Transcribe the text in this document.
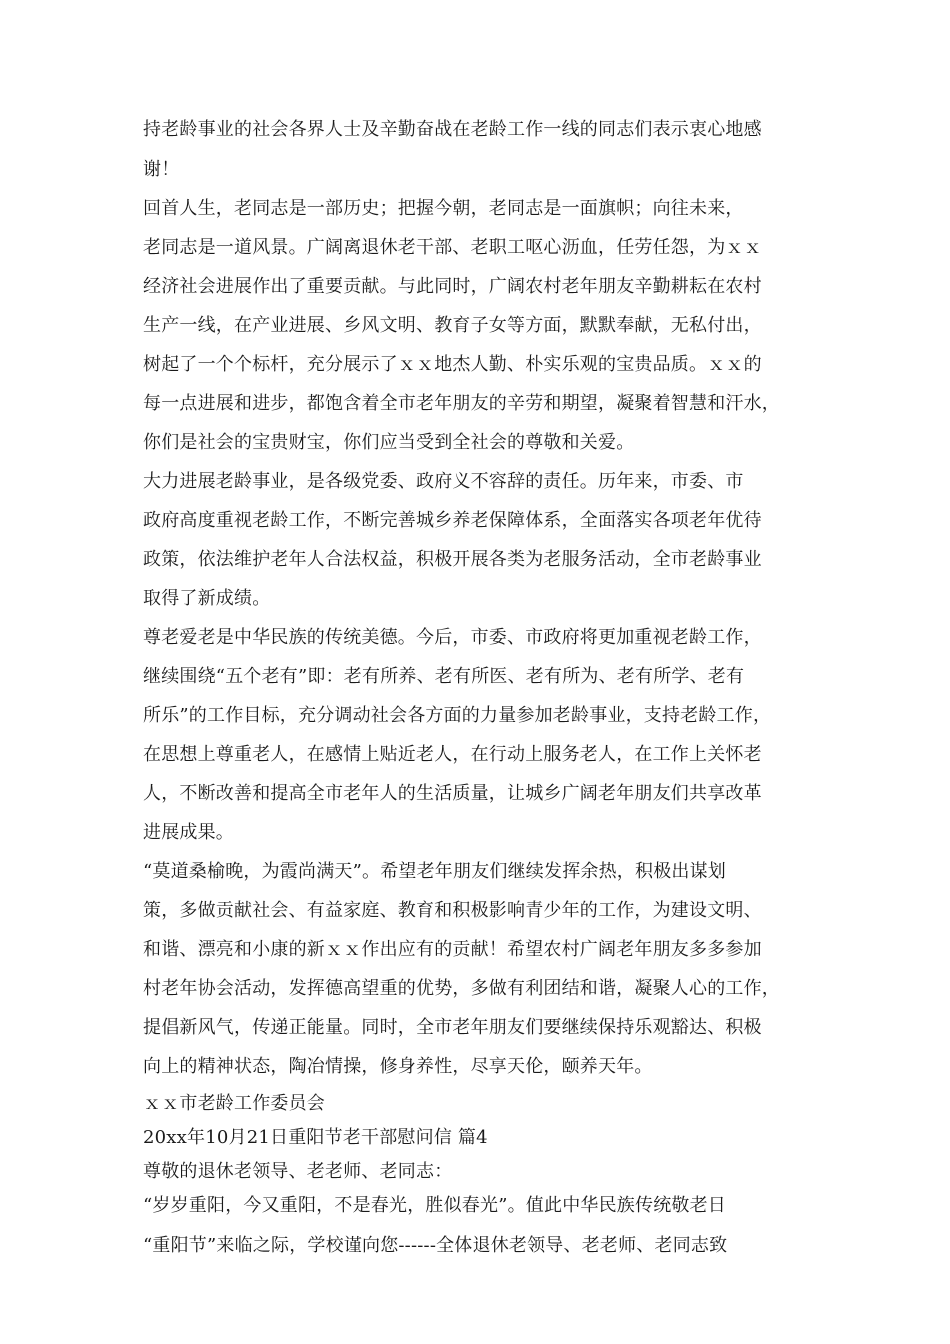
持老龄事业的社会各界人士及辛勤奋战在老龄工作一线的同志们表示衷心地感
谢！
回首人生，老同志是一部历史；把握今朝，老同志是一面旗帜；向往未来，
老同志是一道风景。广阔离退休老干部、老职工呕心沥血，任劳任怨，为ｘｘ
经济社会进展作出了重要贡献。与此同时，广阔农村老年朋友辛勤耕耘在农村
生产一线，在产业进展、乡风文明、教育子女等方面，默默奉献，无私付出，
树起了一个个标杆，充分展示了ｘｘ地杰人勤、朴实乐观的宝贵品质。ｘｘ的
每一点进展和进步，都饱含着全市老年朋友的辛劳和期望，凝聚着智慧和汗水，
你们是社会的宝贵财宝，你们应当受到全社会的尊敬和关爱。
大力进展老龄事业，是各级党委、政府义不容辞的责任。历年来，市委、市
政府高度重视老龄工作，不断完善城乡养老保障体系，全面落实各项老年优待
政策，依法维护老年人合法权益，积极开展各类为老服务活动，全市老龄事业
取得了新成绩。
尊老爱老是中华民族的传统美德。今后，市委、市政府将更加重视老龄工作，
继续围绕“五个老有”即：老有所养、老有所医、老有所为、老有所学、老有
所乐”的工作目标，充分调动社会各方面的力量参加老龄事业，支持老龄工作，
在思想上尊重老人，在感情上贴近老人，在行动上服务老人，在工作上关怀老
人，不断改善和提高全市老年人的生活质量，让城乡广阔老年朋友们共享改革
进展成果。
“莫道桑榆晚，为霞尚满天”。希望老年朋友们继续发挥余热，积极出谋划
策，多做贡献社会、有益家庭、教育和积极影响青少年的工作，为建设文明、
和谐、漂亮和小康的新ｘｘ作出应有的贡献！希望农村广阔老年朋友多多参加
村老年协会活动，发挥德高望重的优势，多做有利团结和谐，凝聚人心的工作，
提倡新风气，传递正能量。同时，全市老年朋友们要继续保持乐观豁达、积极
向上的精神状态，陶冶情操，修身养性，尽享天伦，颐养天年。
ｘｘ市老龄工作委员会
20xx年10月21日重阳节老干部慰问信 篇4
尊敬的退休老领导、老老师、老同志：
“岁岁重阳，今又重阳，不是春光，胜似春光”。值此中华民族传统敬老日
“重阳节”来临之际，学校谨向您------全体退休老领导、老老师、老同志致
